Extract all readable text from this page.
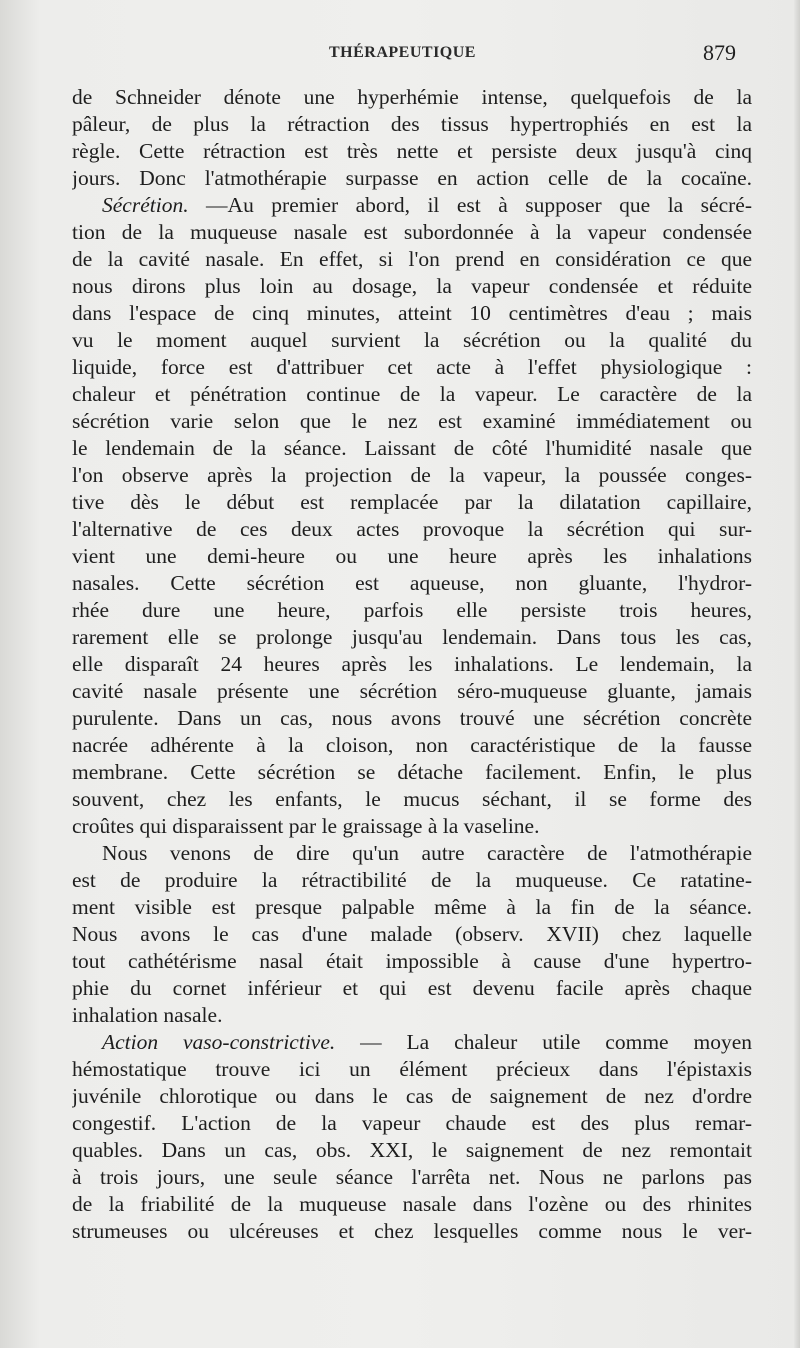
THÉRAPEUTIQUE	879
de Schneider dénote une hyperhémie intense, quelquefois de la
pâleur, de plus la rétraction des tissus hypertrophiés en est la
règle. Cette rétraction est très nette et persiste deux jusqu'à cinq
jours. Donc l'atmothérapie surpasse en action celle de la cocaïne.
Sécrétion. —Au premier abord, il est à supposer que la sécré-
tion de la muqueuse nasale est subordonnée à la vapeur condensée
de la cavité nasale. En effet, si l'on prend en considération ce que
nous dirons plus loin au dosage, la vapeur condensée et réduite
dans l'espace de cinq minutes, atteint 10 centimètres d'eau ; mais
vu le moment auquel survient la sécrétion ou la qualité du
liquide, force est d'attribuer cet acte à l'effet physiologique :
chaleur et pénétration continue de la vapeur. Le caractère de la
sécrétion varie selon que le nez est examiné immédiatement ou
le lendemain de la séance. Laissant de côté l'humidité nasale que
l'on observe après la projection de la vapeur, la poussée conges-
tive dès le début est remplacée par la dilatation capillaire,
l'alternative de ces deux actes provoque la sécrétion qui sur-
vient une demi-heure ou une heure après les inhalations
nasales. Cette sécrétion est aqueuse, non gluante, l'hydror-
rhée dure une heure, parfois elle persiste trois heures,
rarement elle se prolonge jusqu'au lendemain. Dans tous les cas,
elle disparaît 24 heures après les inhalations. Le lendemain, la
cavité nasale présente une sécrétion séro-muqueuse gluante, jamais
purulente. Dans un cas, nous avons trouvé une sécrétion concrète
nacrée adhérente à la cloison, non caractéristique de la fausse
membrane. Cette sécrétion se détache facilement. Enfin, le plus
souvent, chez les enfants, le mucus séchant, il se forme des
croûtes qui disparaissent par le graissage à la vaseline.
Nous venons de dire qu'un autre caractère de l'atmothérapie
est de produire la rétractibilité de la muqueuse. Ce ratatine-
ment visible est presque palpable même à la fin de la séance.
Nous avons le cas d'une malade (observ. XVII) chez laquelle
tout cathétérisme nasal était impossible à cause d'une hypertro-
phie du cornet inférieur et qui est devenu facile après chaque
inhalation nasale.
Action vaso-constrictive. — La chaleur utile comme moyen
hémostatique trouve ici un élément précieux dans l'épistaxis
juvénile chlorotique ou dans le cas de saignement de nez d'ordre
congestif. L'action de la vapeur chaude est des plus remar-
quables. Dans un cas, obs. XXI, le saignement de nez remontait
à trois jours, une seule séance l'arrêta net. Nous ne parlons pas
de la friabilité de la muqueuse nasale dans l'ozène ou des rhinites
strumeuses ou ulcéreuses et chez lesquelles comme nous le ver-
